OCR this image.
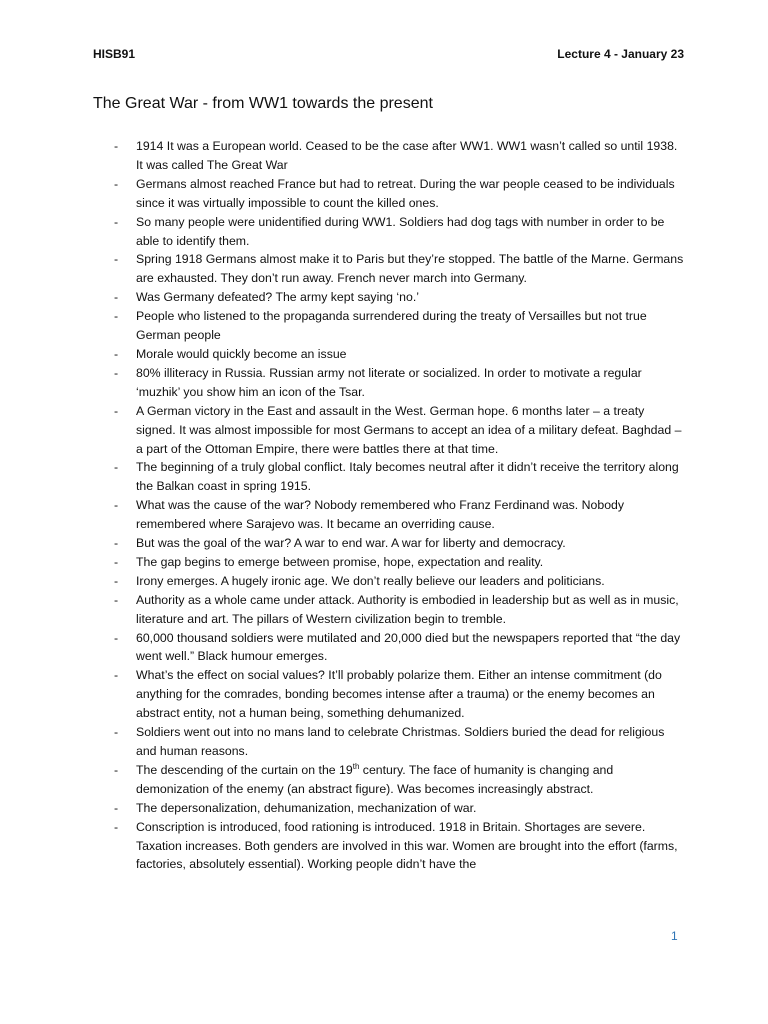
HISB91	Lecture 4 - January 23
The Great War - from WW1 towards the present
- 1914 It was a European world. Ceased to be the case after WW1. WW1 wasn’t called so until 1938. It was called The Great War
- Germans almost reached France but had to retreat. During the war people ceased to be individuals since it was virtually impossible to count the killed ones.
- So many people were unidentified during WW1. Soldiers had dog tags with number in order to be able to identify them.
- Spring 1918 Germans almost make it to Paris but they’re stopped. The battle of the Marne. Germans are exhausted. They don’t run away. French never march into Germany.
- Was Germany defeated? The army kept saying ‘no.’
- People who listened to the propaganda surrendered during the treaty of Versailles but not true German people
- Morale would quickly become an issue
- 80% illiteracy in Russia. Russian army not literate or socialized. In order to motivate a regular ‘muzhik’ you show him an icon of the Tsar.
- A German victory in the East and assault in the West. German hope. 6 months later – a treaty signed. It was almost impossible for most Germans to accept an idea of a military defeat. Baghdad – a part of the Ottoman Empire, there were battles there at that time.
- The beginning of a truly global conflict. Italy becomes neutral after it didn’t receive the territory along the Balkan coast in spring 1915.
- What was the cause of the war? Nobody remembered who Franz Ferdinand was. Nobody remembered where Sarajevo was. It became an overriding cause.
- But was the goal of the war? A war to end war. A war for liberty and democracy.
- The gap begins to emerge between promise, hope, expectation and reality.
- Irony emerges. A hugely ironic age. We don’t really believe our leaders and politicians.
- Authority as a whole came under attack. Authority is embodied in leadership but as well as in music, literature and art. The pillars of Western civilization begin to tremble.
- 60,000 thousand soldiers were mutilated and 20,000 died but the newspapers reported that “the day went well.” Black humour emerges.
- What’s the effect on social values? It’ll probably polarize them. Either an intense commitment (do anything for the comrades, bonding becomes intense after a trauma) or the enemy becomes an abstract entity, not a human being, something dehumanized.
- Soldiers went out into no mans land to celebrate Christmas. Soldiers buried the dead for religious and human reasons.
- The descending of the curtain on the 19th century. The face of humanity is changing and demonization of the enemy (an abstract figure). Was becomes increasingly abstract.
- The depersonalization, dehumanization, mechanization of war.
- Conscription is introduced, food rationing is introduced. 1918 in Britain. Shortages are severe. Taxation increases. Both genders are involved in this war. Women are brought into the effort (farms, factories, absolutely essential). Working people didn’t have the
1
